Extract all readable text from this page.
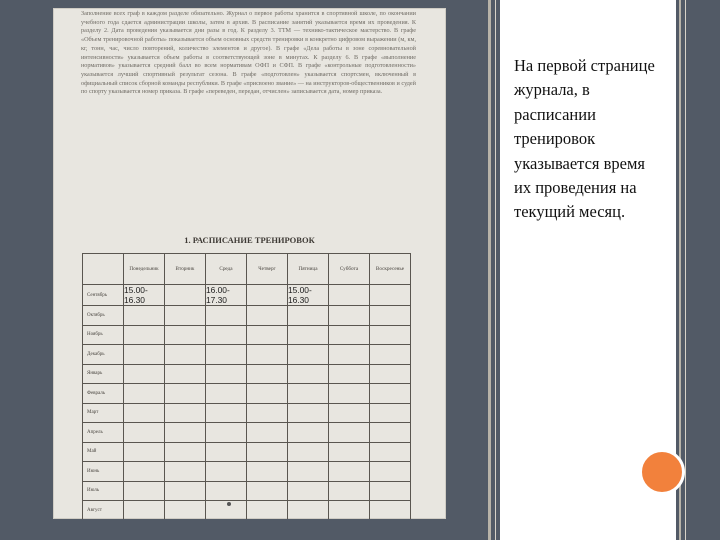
На первой странице журнала, в расписании тренировок указывается время их проведения на текущий месяц.
Заполнение всех граф в каждом разделе обязательно. Журнал о первое работы хранится в спортивной школе, по окончании учебного года сдается администрации школы, затем в архив. В расписание занятий указывается время их проведения. К разделу 2. Дата проведения указывается дни разы в год. К разделу 3. ТТМ — технико-тактическое мастерство. В графе «Объем тренировочной работы» показывается объем основных средств тренировки в конкретно цифровом выражении (м, км, кг, тонн, час, число повторений, количество элементов и другое). В графе «Дела работы в зоне соревновательной интенсивности» указывается объем работы в соответствующей зоне в минутах. К разделу 6. В графе «выполнение нормативов» указывается средний балл во всем нормативам ОФП и СФП. В графе «контрольные подготовленности» указывается лучший спортивный результат сезона. В графе «подготовлен» указывается спортсмен, включенный в официальный список сборной команды республики. В графе «присвоено звание» — на инструкторов-общественников и судей по спорту указывается номер приказа. В графе «переведен, передан, отчислен» записывается дата, номер приказа.
1. РАСПИСАНИЕ ТРЕНИРОВОК
	Понедельник	Вторник	Среда	Четверг	Пятница	Суббота	Воскресенье
Сентябрь	15.00-16.30		16.00-17.30		15.00-16.30		
Октябрь							
Ноябрь							
Декабрь							
Январь							
Февраль							
Март							
Апрель							
Май							
Июнь							
Июль							
Август							
